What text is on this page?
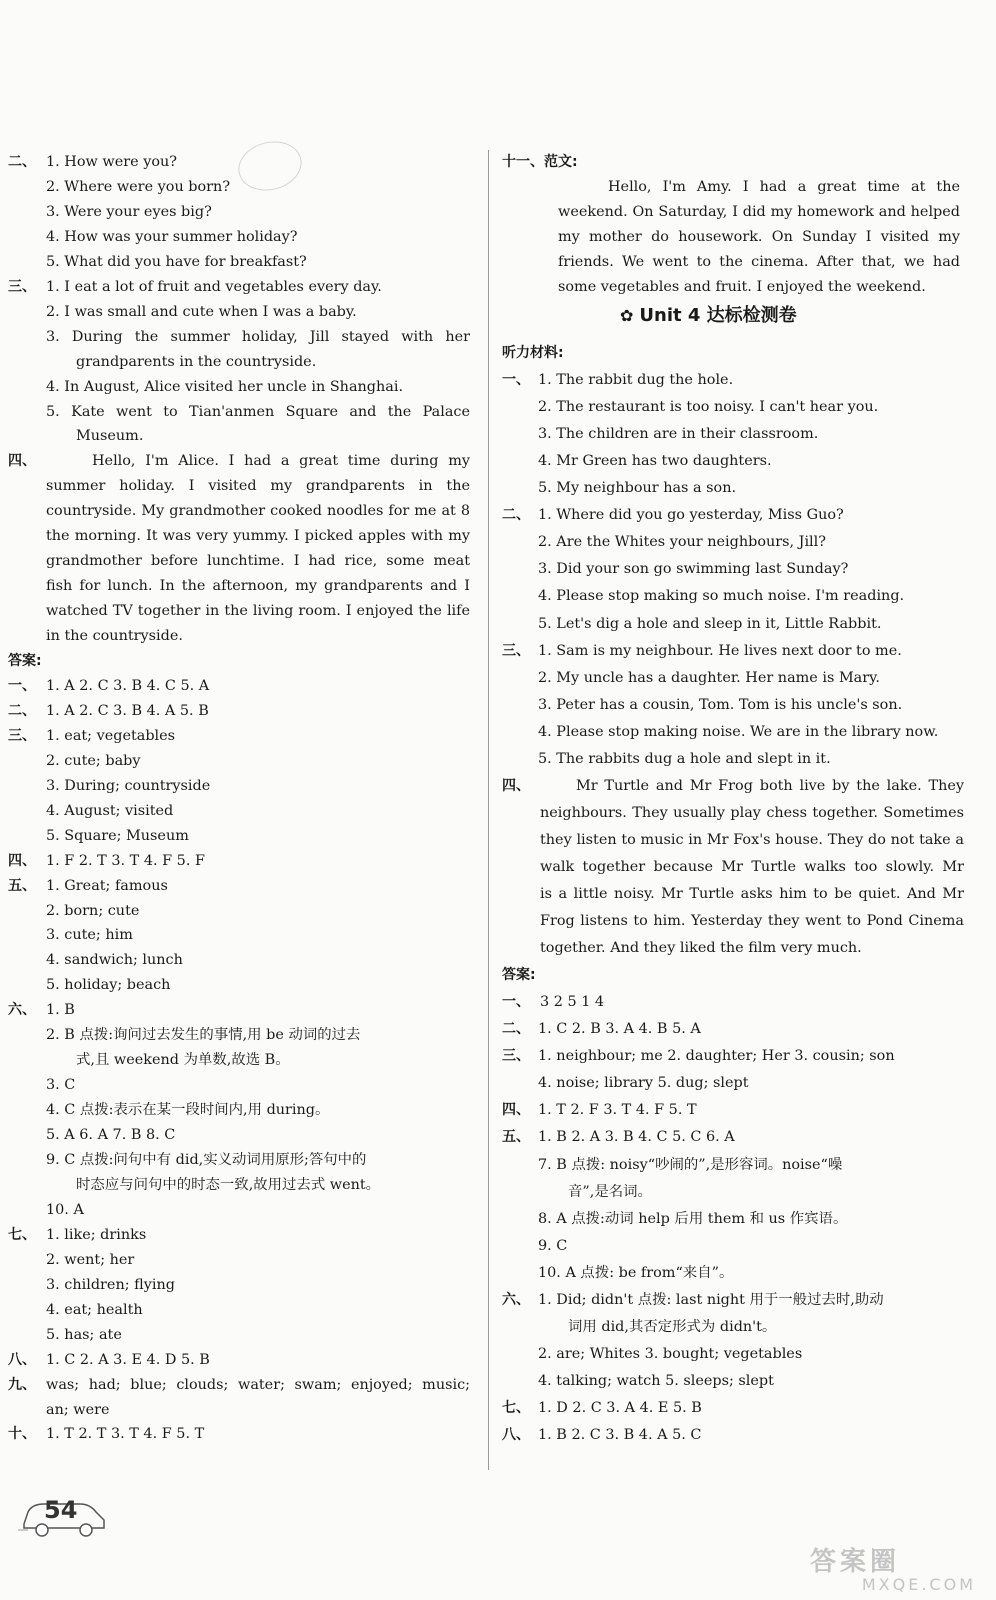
二、 1. How were you?
2. Where were you born?
3. Were your eyes big?
4. How was your summer holiday?
5. What did you have for breakfast?
三、 1. I eat a lot of fruit and vegetables every day.
2. I was small and cute when I was a baby.
3. During the summer holiday, Jill stayed with her
grandparents in the countryside.
4. In August, Alice visited her uncle in Shanghai.
5. Kate went to Tian'anmen Square and the Palace
Museum.
四、	Hello, I'm Alice. I had a great time during my
summer holiday. I visited my grandparents in the
countryside. My grandmother cooked noodles for me at 8
the morning. It was very yummy. I picked apples with my
grandmother before lunchtime. I had rice, some meat
fish for lunch. In the afternoon, my grandparents and I
watched TV together in the living room. I enjoyed the life
in the countryside.
答案:
一、 1. A 2. C 3. B 4. C 5. A
二、 1. A 2. C 3. B 4. A 5. B
三、 1. eat; vegetables
2. cute; baby
3. During; countryside
4. August; visited
5. Square; Museum
四、 1. F 2. T 3. T 4. F 5. F
五、 1. Great; famous
2. born; cute
3. cute; him
4. sandwich; lunch
5. holiday; beach
六、 1. B
2. B 点拨:询问过去发生的事情,用 be 动词的过去
式,且 weekend 为单数,故选 B。
3. C
4. C 点拨:表示在某一段时间内,用 during。
5. A 6. A 7. B 8. C
9. C 点拨:问句中有 did,实义动词用原形;答句中的
时态应与问句中的时态一致,故用过去式 went。
10. A
七、 1. like; drinks
2. went; her
3. children; flying
4. eat; health
5. has; ate
八、 1. C 2. A 3. E 4. D 5. B
九、 was; had; blue; clouds; water; swam; enjoyed; music;
an; were
十、 1. T 2. T 3. T 4. F 5. T
十一、范文:
Hello, I'm Amy. I had a great time at the
weekend. On Saturday, I did my homework and helped
my mother do housework. On Sunday I visited my
friends. We went to the cinema. After that, we had
some vegetables and fruit. I enjoyed the weekend.
✿ Unit 4 达标检测卷
听力材料:
一、 1. The rabbit dug the hole.
2. The restaurant is too noisy. I can't hear you.
3. The children are in their classroom.
4. Mr Green has two daughters.
5. My neighbour has a son.
二、 1. Where did you go yesterday, Miss Guo?
2. Are the Whites your neighbours, Jill?
3. Did your son go swimming last Sunday?
4. Please stop making so much noise. I'm reading.
5. Let's dig a hole and sleep in it, Little Rabbit.
三、 1. Sam is my neighbour. He lives next door to me.
2. My uncle has a daughter. Her name is Mary.
3. Peter has a cousin, Tom. Tom is his uncle's son.
4. Please stop making noise. We are in the library now.
5. The rabbits dug a hole and slept in it.
四、	Mr Turtle and Mr Frog both live by the lake. They
neighbours. They usually play chess together. Sometimes
they listen to music in Mr Fox's house. They do not take a
walk together because Mr Turtle walks too slowly. Mr
is a little noisy. Mr Turtle asks him to be quiet. And Mr
Frog listens to him. Yesterday they went to Pond Cinema
together. And they liked the film very much.
答案:
一、 3 2 5 1 4
二、 1. C 2. B 3. A 4. B 5. A
三、 1. neighbour; me 2. daughter; Her 3. cousin; son
4. noise; library 5. dug; slept
四、 1. T 2. F 3. T 4. F 5. T
五、 1. B 2. A 3. B 4. C 5. C 6. A
7. B 点拨: noisy“吵闹的”,是形容词。noise“噪
音”,是名词。
8. A 点拨:动词 help 后用 them 和 us 作宾语。
9. C
10. A 点拨: be from“来自”。
六、 1. Did; didn't 点拨: last night 用于一般过去时,助动
词用 did,其否定形式为 didn't。
2. are; Whites 3. bought; vegetables
4. talking; watch 5. sleeps; slept
七、 1. D 2. C 3. A 4. E 5. B
八、 1. B 2. C 3. B 4. A 5. C
54
答案圈
MXQE.COM
